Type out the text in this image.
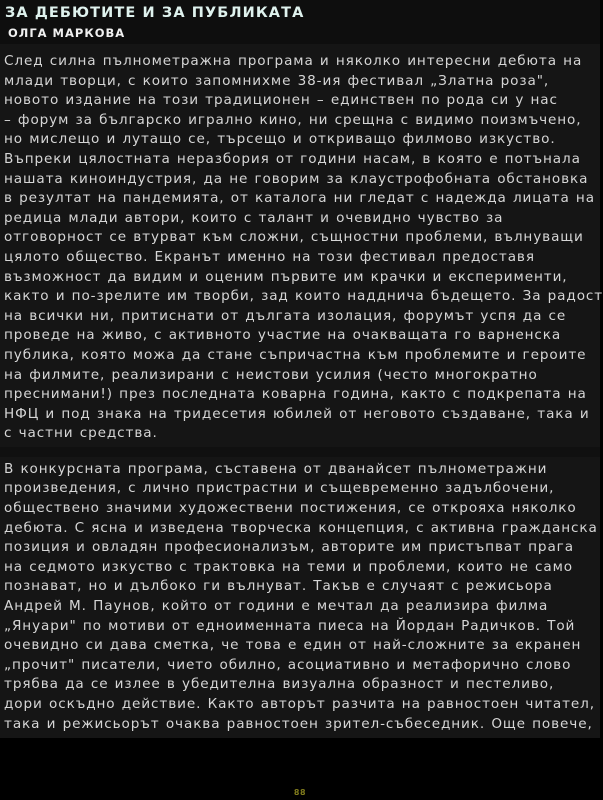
ЗА ДЕБЮТИТЕ И ЗА ПУБЛИКАТА
ОЛГА МАРКОВА

След силна пълнометражна програма и няколко интересни дебюта на
млади творци, с които запомнихме 38-ия фестивал „Златна роза",
новото издание на този традиционен – единствен по рода си у нас
– форум за българско игрално кино, ни срещна с видимо поизмъчено,
но мислещо и лутащо се, търсещо и откриващо филмово изкуство.
Въпреки цялостната неразбория от години насам, в която е потънала
нашата киноиндустрия, да не говорим за клаустрофобната обстановка
в резултат на пандемията, от каталога ни гледат с надежда лицата на
редица млади автори, които с талант и очевидно чувство за
отговорност се втурват към сложни, същностни проблеми, вълнуващи
цялото общество. Екранът именно на този фестивал предоставя
възможност да видим и оценим първите им крачки и експерименти,
както и по-зрелите им творби, зад които надднича бъдещето. За радост
на всички ни, притиснати от дългата изолация, форумът успя да се
проведе на живо, с активното участие на очакващата го варненска
публика, която можа да стане съпричастна към проблемите и героите
на филмите, реализирани с неистови усилия (често многократно
преснимани!) през последната коварна година, както с подкрепата на
НФЦ и под знака на тридесетия юбилей от неговото създаване, така и
с частни средства.

В конкурсната програма, съставена от дванайсет пълнометражни
произведения, с лично пристрастни и същевременно задълбочени,
обществено значими художествени постижения, се открояха няколко
дебюта. С ясна и изведена творческа концепция, с активна гражданска
позиция и овладян професионализъм, авторите им пристъпват прага
на седмото изкуство с трактовка на теми и проблеми, които не само
познават, но и дълбоко ги вълнуват. Такъв е случаят с режисьора
Андрей М. Паунов, който от години е мечтал да реализира филма
„Януари" по мотиви от едноименната пиеса на Йордан Радичков. Той
очевидно си дава сметка, че това е един от най-сложните за екранен
„прочит" писатели, чието обилно, асоциативно и метафорично слово
трябва да се излее в убедителна визуална образност и пестеливо,
дори оскъдно действие. Както авторът разчита на равностоен читател,
така и режисьорът очаква равностоен зрител-събеседник. Още повече,

88
